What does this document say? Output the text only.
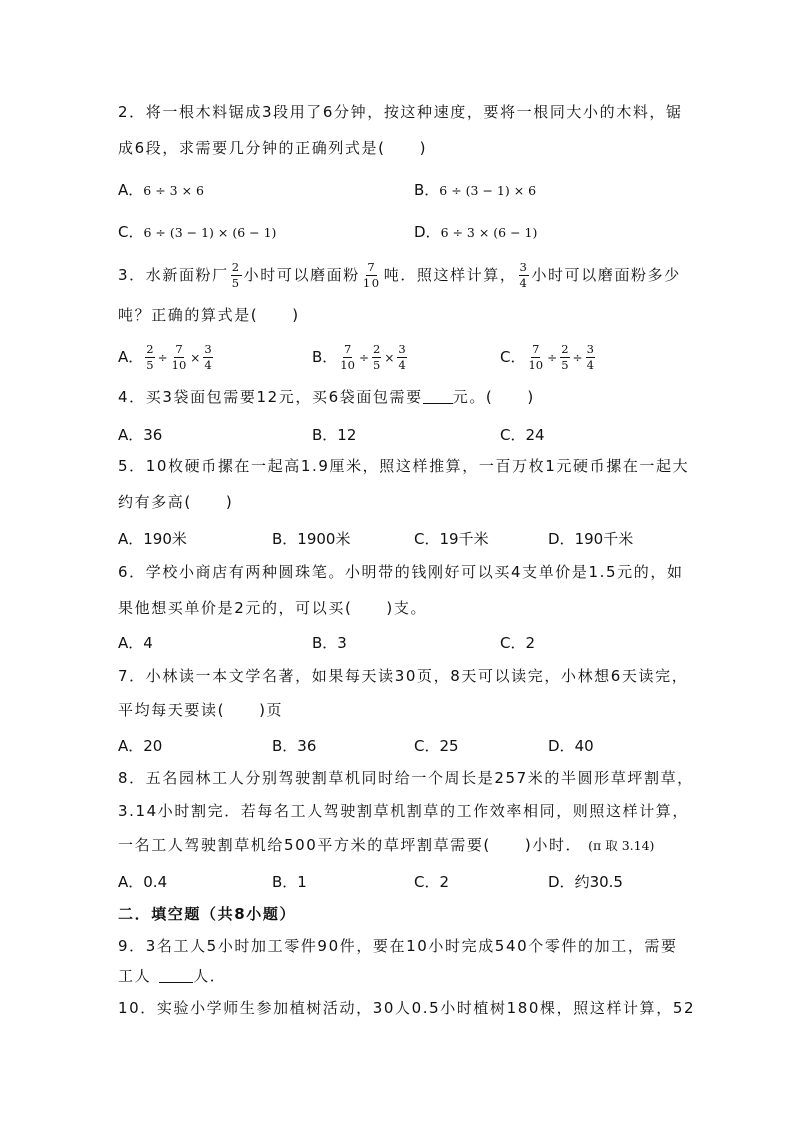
2．将一根木料锯成3段用了6分钟，按这种速度，要将一根同大小的木料，锯
成6段，求需要几分钟的正确列式是( )
A．6 ÷ 3 × 6	B．6 ÷ (3 − 1) × 6
C．6 ÷ (3 − 1) × (6 − 1)	D．6 ÷ 3 × (6 − 1)
3．水新面粉厂 $\frac{2}{5}$ 小时可以磨面粉 $\frac{7}{10}$ 吨．照这样计算， $\frac{3}{4}$ 小时可以磨面粉多少
吨？正确的算式是( )
A． $\frac{2}{5} \div \frac{7}{10} \times \frac{3}{4}$	B． $\frac{7}{10} \div \frac{2}{5} \times \frac{3}{4}$	C． $\frac{7}{10} \div \frac{2}{5} \div \frac{3}{4}$
4．买3袋面包需要12元，买6袋面包需要 元。( )
A．36	B．12	C．24
5．10枚硬币摞在一起高1.9厘米，照这样推算，一百万枚1元硬币摞在一起大
约有多高( )
A．190米	B．1900米	C．19千米	D．190千米
6．学校小商店有两种圆珠笔。小明带的钱刚好可以买4支单价是1.5元的，如
果他想买单价是2元的，可以买( )支。
A．4	B．3	C．2
7．小林读一本文学名著，如果每天读30页，8天可以读完，小林想6天读完，
平均每天要读( )页
A．20	B．36	C．25	D．40
8．五名园林工人分别驾驶割草机同时给一个周长是257米的半圆形草坪割草，
3.14小时割完．若每名工人驾驶割草机割草的工作效率相同，则照这样计算，
一名工人驾驶割草机给500平方米的草坪割草需要( )小时． (π 取 3.14)
A．0.4	B．1	C．2	D．约30.5
二．填空题（共8小题）
9．3名工人5小时加工零件90件，要在10小时完成540个零件的加工，需要
工人	人．
10．实验小学师生参加植树活动，30人0.5小时植树180棵，照这样计算，52
